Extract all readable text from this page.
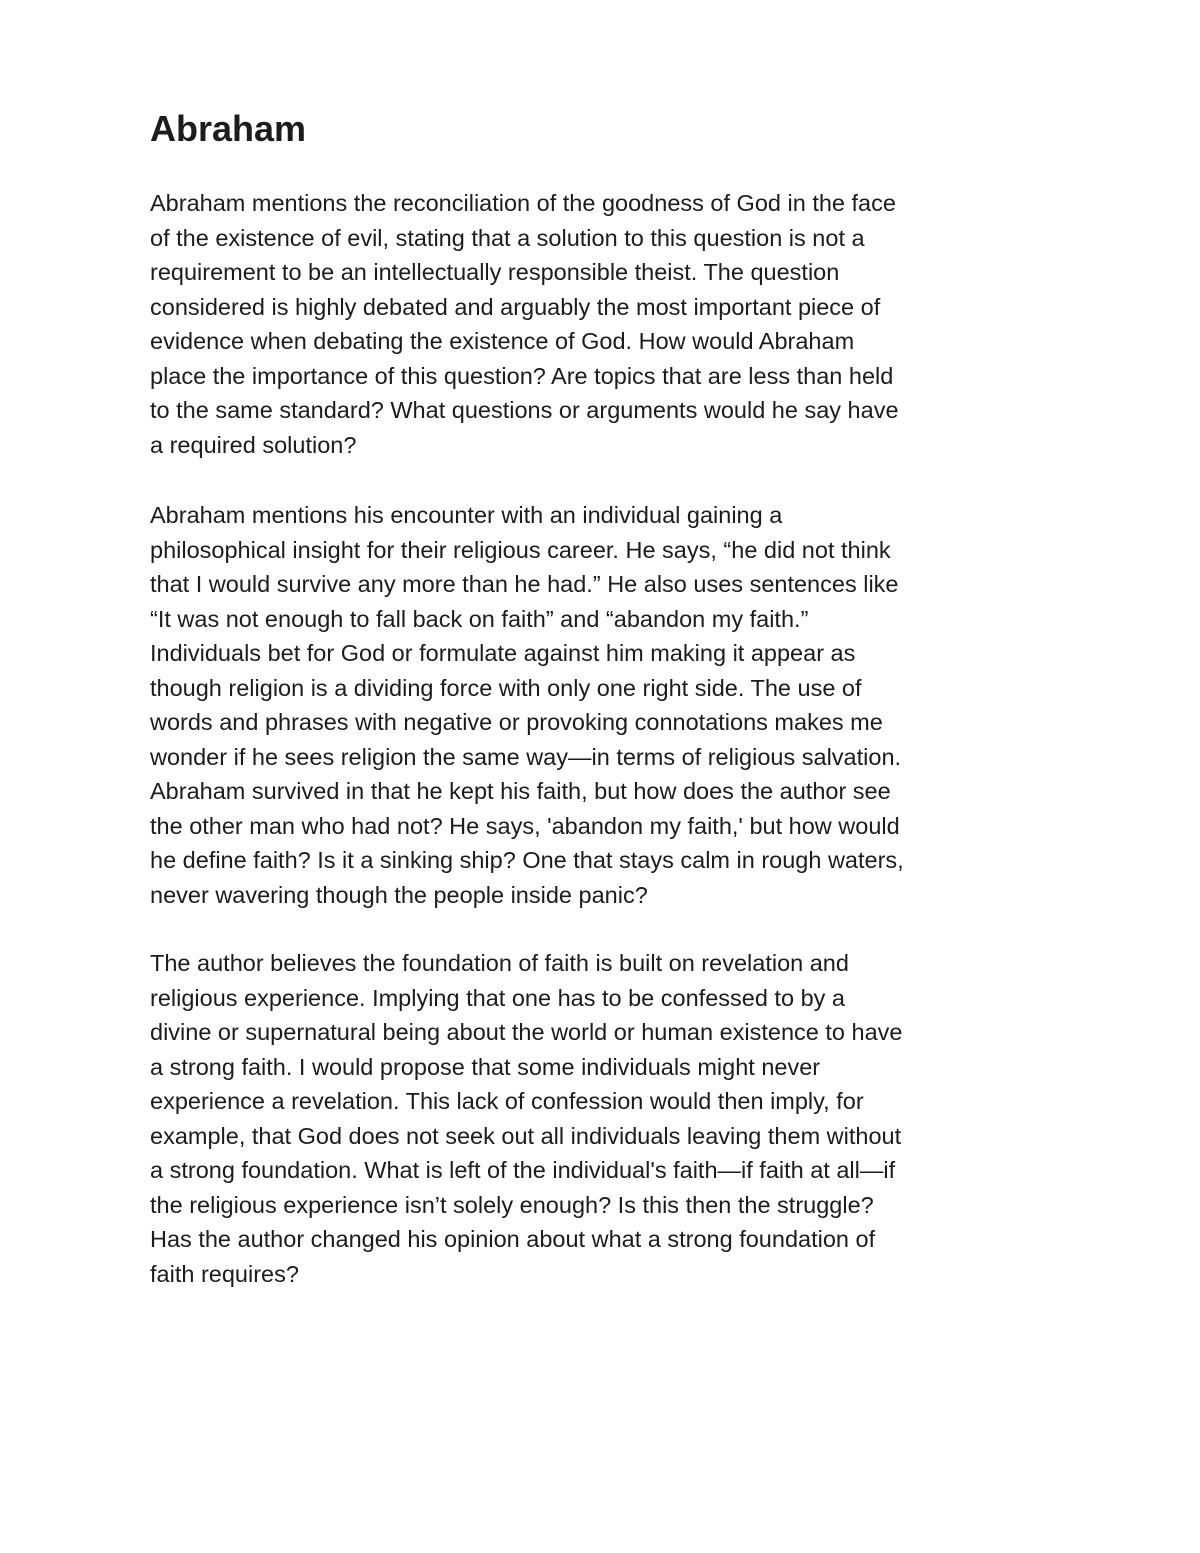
Abraham

Abraham mentions the reconciliation of the goodness of God in the face
of the existence of evil, stating that a solution to this question is not a
requirement to be an intellectually responsible theist. The question
considered is highly debated and arguably the most important piece of
evidence when debating the existence of God. How would Abraham
place the importance of this question? Are topics that are less than held
to the same standard? What questions or arguments would he say have
a required solution?

Abraham mentions his encounter with an individual gaining a
philosophical insight for their religious career. He says, “he did not think
that I would survive any more than he had.” He also uses sentences like
“It was not enough to fall back on faith” and “abandon my faith.”
Individuals bet for God or formulate against him making it appear as
though religion is a dividing force with only one right side. The use of
words and phrases with negative or provoking connotations makes me
wonder if he sees religion the same way—in terms of religious salvation.
Abraham survived in that he kept his faith, but how does the author see
the other man who had not? He says, 'abandon my faith,' but how would
he define faith? Is it a sinking ship? One that stays calm in rough waters,
never wavering though the people inside panic?

The author believes the foundation of faith is built on revelation and
religious experience. Implying that one has to be confessed to by a
divine or supernatural being about the world or human existence to have
a strong faith. I would propose that some individuals might never
experience a revelation. This lack of confession would then imply, for
example, that God does not seek out all individuals leaving them without
a strong foundation. What is left of the individual's faith—if faith at all—if
the religious experience isn’t solely enough? Is this then the struggle?
Has the author changed his opinion about what a strong foundation of
faith requires?
